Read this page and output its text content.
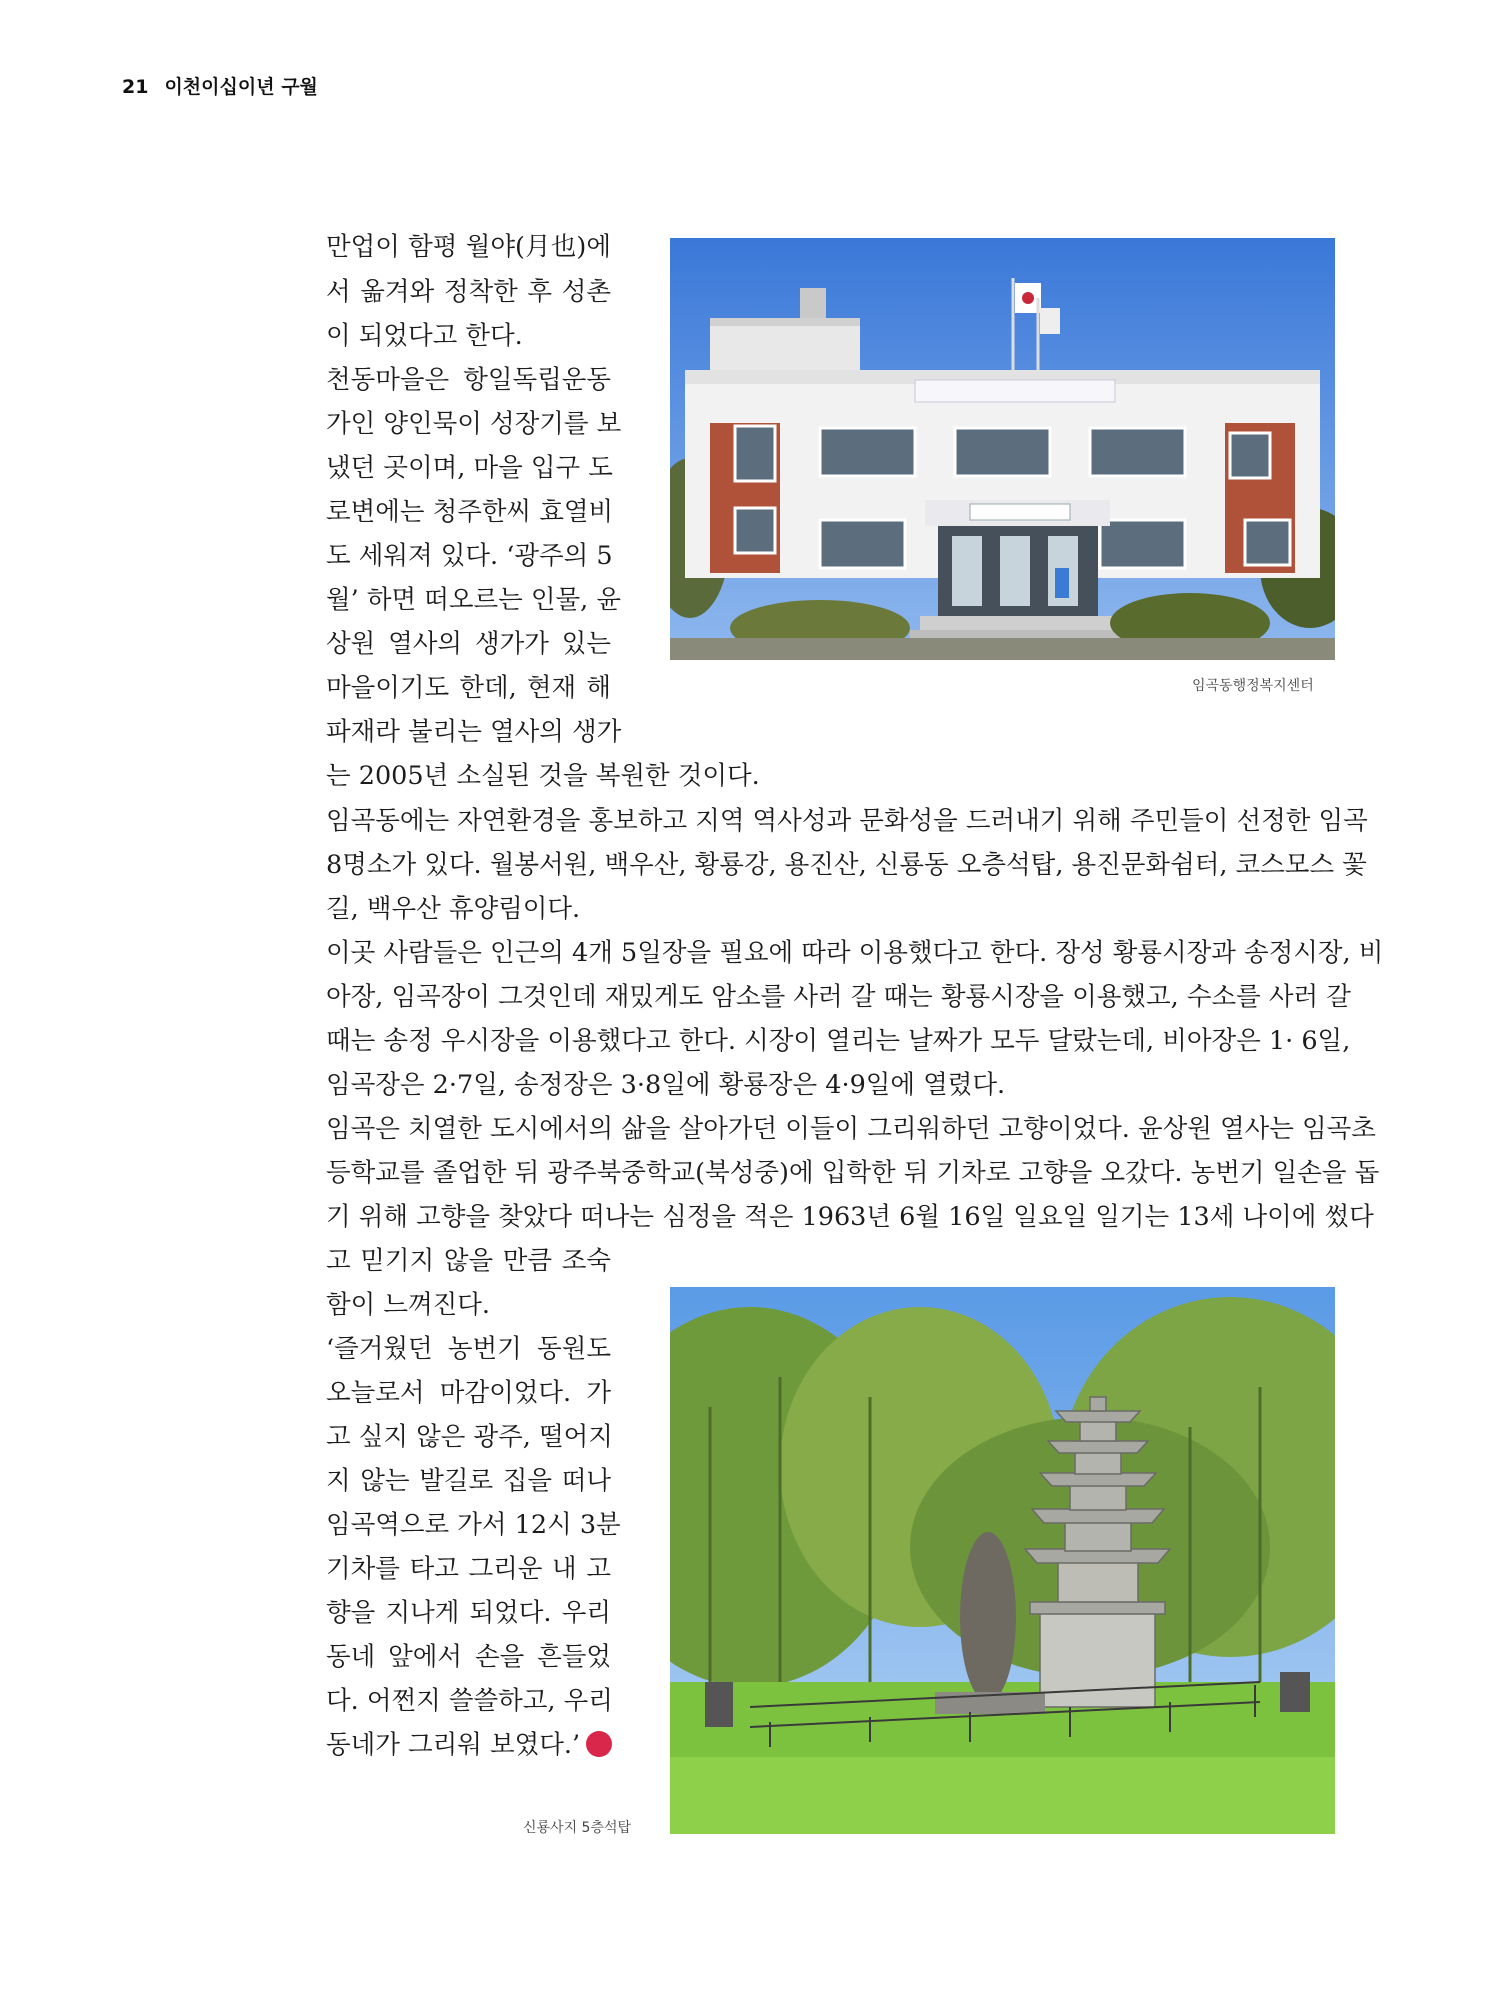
21 이천이십이년 구월
임곡동행정복지센터
만업이 함평 월야(月也)에
서 옮겨와 정착한 후 성촌
이 되었다고 한다.
천동마을은 항일독립운동
가인 양인묵이 성장기를 보
냈던 곳이며, 마을 입구 도
로변에는 청주한씨 효열비
도 세워져 있다. ‘광주의 5
월’ 하면 떠오르는 인물, 윤
상원 열사의 생가가 있는
마을이기도 한데, 현재 해
파재라 불리는 열사의 생가
는 2005년 소실된 것을 복원한 것이다.
임곡동에는 자연환경을 홍보하고 지역 역사성과 문화성을 드러내기 위해 주민들이 선정한 임곡
8명소가 있다. 월봉서원, 백우산, 황룡강, 용진산, 신룡동 오층석탑, 용진문화쉼터, 코스모스 꽃
길, 백우산 휴양림이다.
이곳 사람들은 인근의 4개 5일장을 필요에 따라 이용했다고 한다. 장성 황룡시장과 송정시장, 비
아장, 임곡장이 그것인데 재밌게도 암소를 사러 갈 때는 황룡시장을 이용했고, 수소를 사러 갈
때는 송정 우시장을 이용했다고 한다. 시장이 열리는 날짜가 모두 달랐는데, 비아장은 1· 6일,
임곡장은 2·7일, 송정장은 3·8일에 황룡장은 4·9일에 열렸다.
임곡은 치열한 도시에서의 삶을 살아가던 이들이 그리워하던 고향이었다. 윤상원 열사는 임곡초
등학교를 졸업한 뒤 광주북중학교(북성중)에 입학한 뒤 기차로 고향을 오갔다. 농번기 일손을 돕
기 위해 고향을 찾았다 떠나는 심정을 적은 1963년 6월 16일 일요일 일기는 13세 나이에 썼다
고 믿기지 않을 만큼 조숙
함이 느껴진다.
‘즐거웠던 농번기 동원도
오늘로서 마감이었다. 가
고 싶지 않은 광주, 떨어지
지 않는 발길로 집을 떠나
임곡역으로 가서 12시 3분
기차를 타고 그리운 내 고
향을 지나게 되었다. 우리
동네 앞에서 손을 흔들었
다. 어쩐지 쓸쓸하고, 우리
동네가 그리워 보였다.’
신룡사지 5층석탑
